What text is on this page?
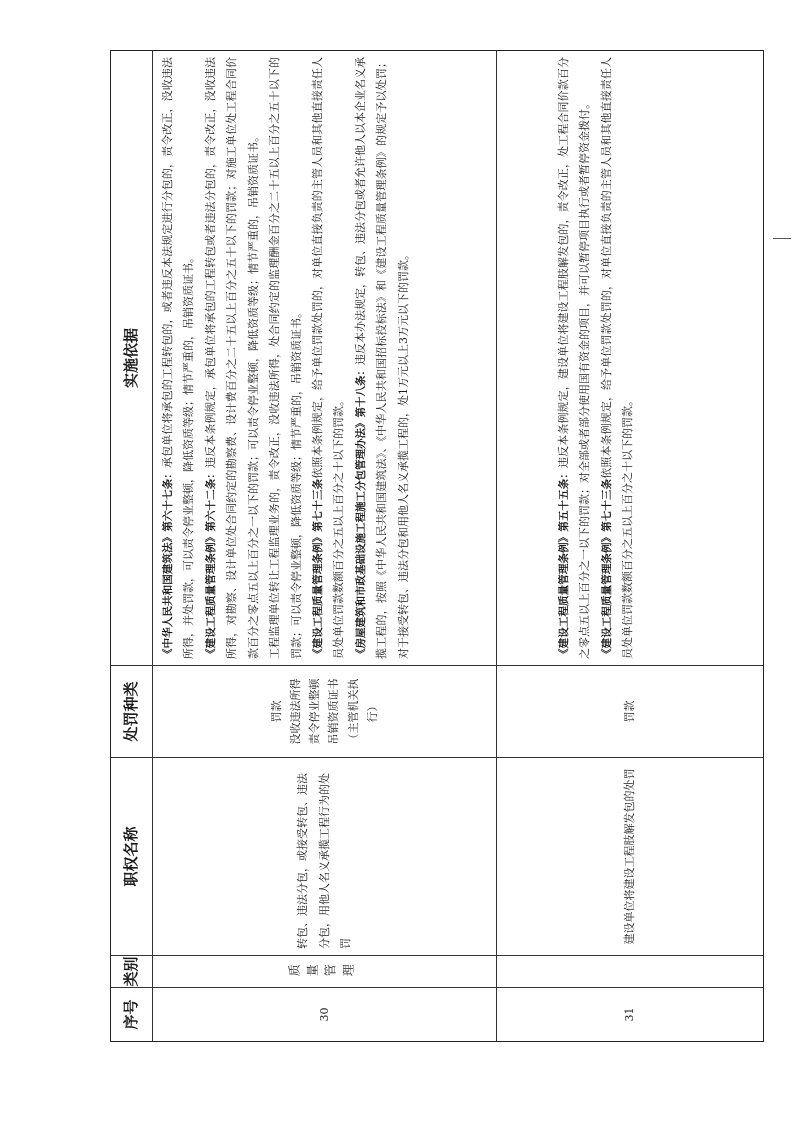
序号
类别
职权名称
处罚种类
实施依据
30
质量管理
转包、违法分包，或接受转包、违法分包，用他人名义承揽工程行为的处罚
罚款 没收违法所得 责令停业整顿 吊销资质证书 （主管机关执行）

《中华人民共和国建筑法》第六十七条：承包单位将承包的工程转包的，或者违反本法规定进行分包的，责令改正，没收违法所得，并处罚款，可以责令停业整顿，降低资质等级；情节严重的，吊销资质证书。 《建设工程质量管理条例》第六十二条：违反本条例规定，承包单位将承包的工程转包或者违法分包的，责令改正，没收违法所得，对勘察、设计单位处合同约定的勘察费、设计费百分之二十五以上百分之五十以下的罚款；对施工单位处工程合同价款百分之零点五以上百分之一以下的罚款；可以责令停业整顿，降低资质等级；情节严重的，吊销资质证书。 工程监理单位转让工程监理业务的，责令改正，没收违法所得，处合同约定的监理酬金百分之二十五以上百分之五十以下的罚款；可以责令停业整顿，降低资质等级；情节严重的，吊销资质证书。 《建设工程质量管理条例》第七十三条依照本条例规定，给予单位罚款处罚的，对单位直接负责的主管人员和其他直接责任人员处单位罚款数额百分之五以上百分之十以下的罚款。 《房屋建筑和市政基础设施工程施工分包管理办法》第十八条：违反本办法规定，转包、违法分包或者允许他人以本企业名义承揽工程的，按照《中华人民共和国建筑法》、《中华人民共和国招标投标法》和《建设工程质量管理条例》的规定予以处罚；对于接受转包、违法分包和用他人名义承揽工程的，处1万元以上3万元以下的罚款。

31
建设单位将建设工程肢解发包的处罚
罚款

《建设工程质量管理条例》第五十五条：违反本条例规定，建设单位将建设工程肢解发包的，责令改正，处工程合同价款百分之零点五以上百分之一以下的罚款；对全部或者部分使用国有资金的项目，并可以暂停项目执行或者暂停资金拨付。 《建设工程质量管理条例》第七十三条依照本条例规定，给予单位罚款处罚的，对单位直接负责的主管人员和其他直接责任人员处单位罚款数额百分之五以上百分之十以下的罚款。
